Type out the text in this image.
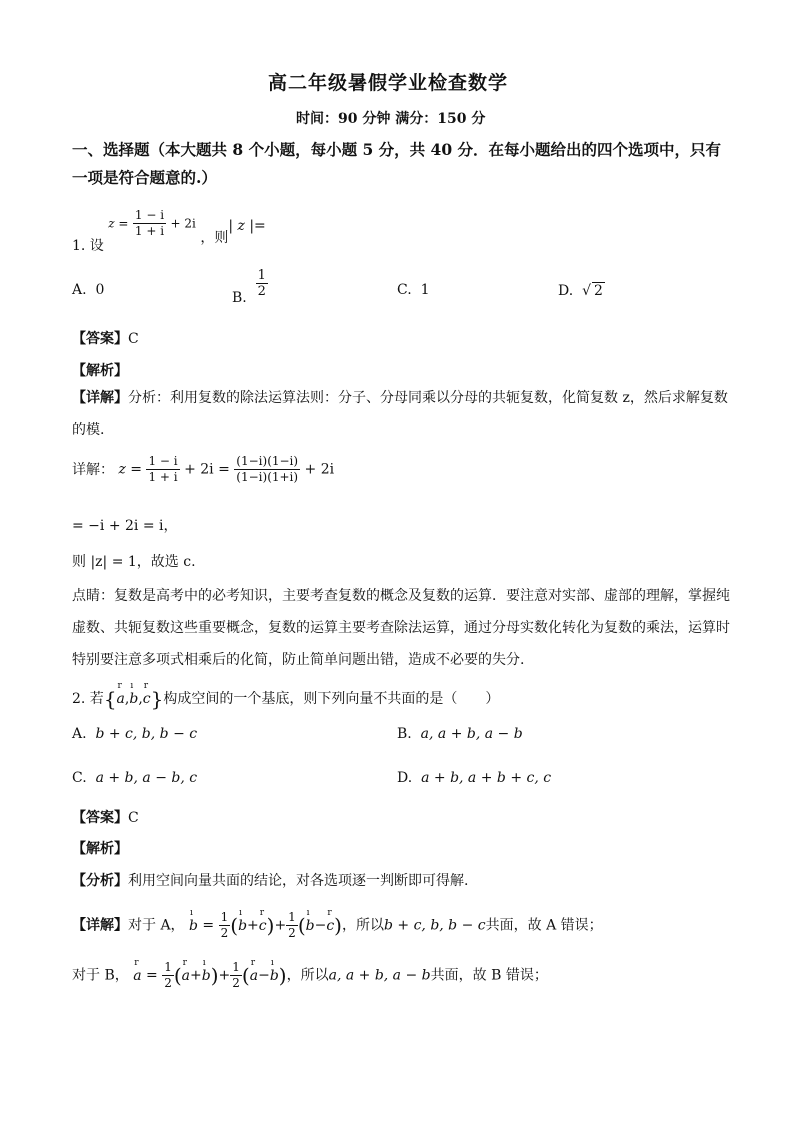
高二年级暑假学业检查数学
时间：90 分钟 满分：150 分
一、选择题（本大题共 8 个小题，每小题 5 分，共 40 分．在每小题给出的四个选项中，只有一项是符合题意的.）
1. 设 $z = \frac{1 - i}{1 + i} + 2i$ ，则| z |=
A. 0	B. $\frac{1}{2}$	C. 1	D.  √ 2
【答案】C
【解析】
【详解】分析：利用复数的除法运算法则：分子、分母同乘以分母的共轭复数，化简复数 z，然后求解复数的模.
详解： $z = \frac{1 - i}{1 + i} + 2i = \frac{(1-i)(1-i)}{(1-i)(1+i)} + 2i$
= −i + 2i = i，
则 |z| = 1，故选 c.
点睛：复数是高考中的必考知识，主要考查复数的概念及复数的运算．要注意对实部、虚部的理解，掌握纯虚数、共轭复数这些重要概念，复数的运算主要考查除法运算，通过分母实数化转化为复数的乘法，运算时特别要注意多项式相乘后的化简，防止简单问题出错，造成不必要的失分.
2. 若{r a,ı b,r c}构成空间的一个基底，则下列向量不共面的是（　　）
A. b + c, b, b − c	B. a, a + b, a − b
C. a + b, a − b, c	D. a + b, a + b + c, c
【答案】C
【解析】
【分析】利用空间向量共面的结论，对各选项逐一判断即可得解.
【详解】对于 A， ı $b = \frac{1}{2}$ (ı b+r $c)+ \frac{1}{2}$ (ı b−r c)，所以b + c, b, b − c共面，故 A 错误；
对于 B， r $a = \frac{1}{2} (r$ a+ı $b)+ \frac{1}{2} (r$ a−ı b)，所以a, a + b, a − b共面，故 B 错误；
